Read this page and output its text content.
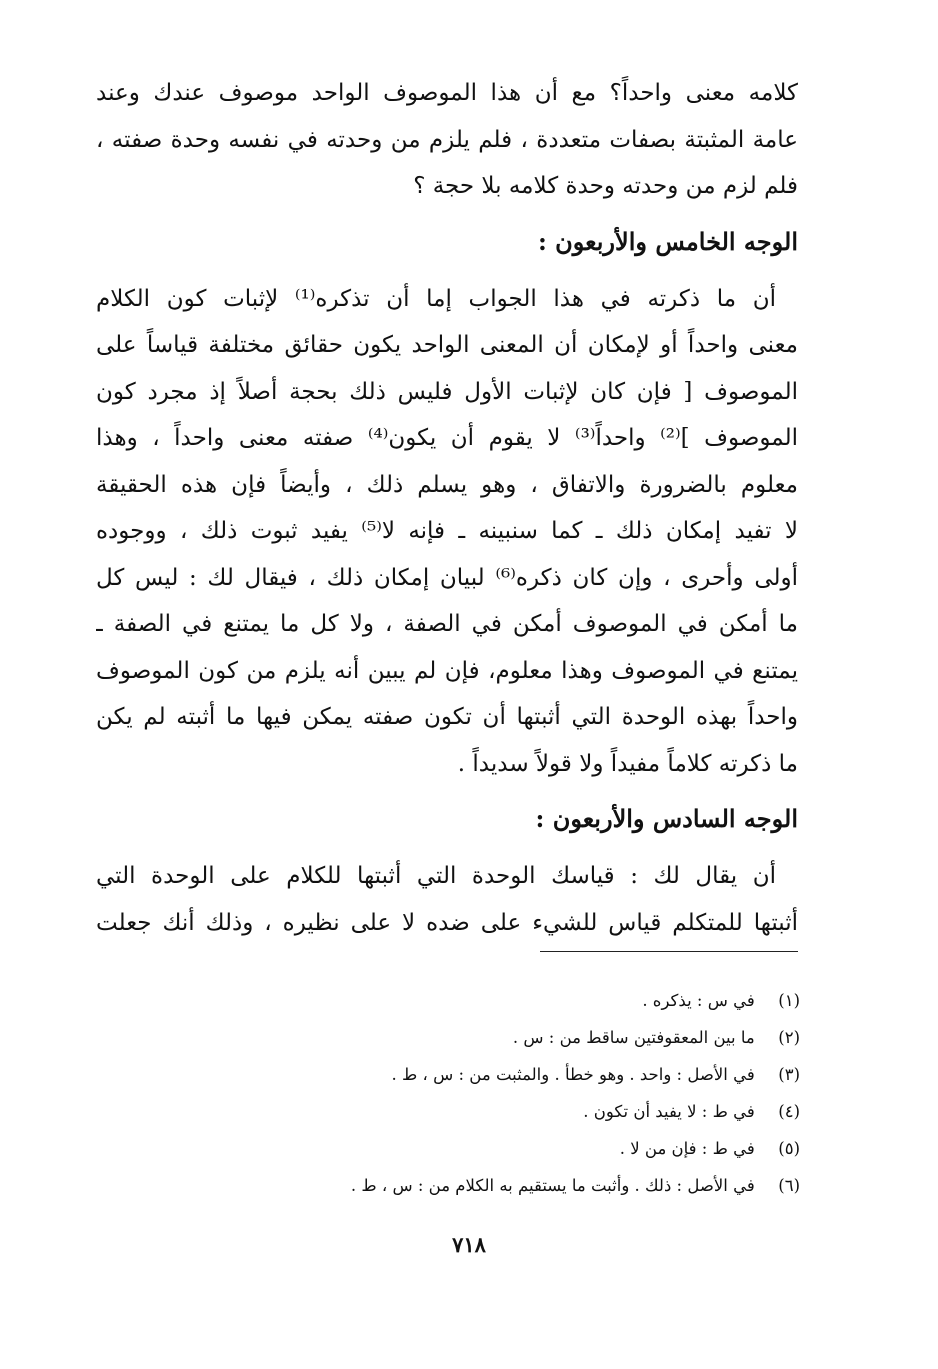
كلامه معنى واحداً؟ مع أن هذا الموصوف الواحد موصوف عندك وعند
عامة المثبتة بصفات متعددة ، فلم يلزم من وحدته في نفسه وحدة صفته ،
فلم لزم من وحدته وحدة كلامه بلا حجة ؟
الوجه الخامس والأربعون :
أن ما ذكرته في هذا الجواب إما أن تذكره⁽¹⁾ لإثبات كون الكلام
معنى واحداً أو لإمكان أن المعنى الواحد يكون حقائق مختلفة قياساً على
الموصوف [ فإن كان لإثبات الأول فليس ذلك بحجة أصلاً إذ مجرد كون
الموصوف ]⁽²⁾ واحداً⁽³⁾ لا يقوم أن يكون⁽⁴⁾ صفته معنى واحداً ، وهذا
معلوم بالضرورة والاتفاق ، وهو يسلم ذلك ، وأيضاً فإن هذه الحقيقة
لا تفيد إمكان ذلك ـ كما سنبينه ـ فإنه لا⁽⁵⁾ يفيد ثبوت ذلك ، ووجوده
أولى وأحرى ، وإن كان ذكره⁽⁶⁾ لبيان إمكان ذلك ، فيقال لك : ليس كل
ما أمكن في الموصوف أمكن في الصفة ، ولا كل ما يمتنع في الصفة ـ
يمتنع في الموصوف وهذا معلوم، فإن لم يبين أنه يلزم من كون الموصوف
واحداً بهذه الوحدة التي أثبتها أن تكون صفته يمكن فيها ما أثبته لم يكن
ما ذكرته كلاماً مفيداً ولا قولاً سديداً .
الوجه السادس والأربعون :
أن يقال لك : قياسك الوحدة التي أثبتها للكلام على الوحدة التي
أثبتها للمتكلم قياس للشيء على ضده لا على نظيره ، وذلك أنك جعلت
(١) في س : يذكره .
(٢) ما بين المعقوفتين ساقط من : س .
(٣) في الأصل : واحد . وهو خطأ . والمثبت من : س ، ط .
(٤) في ط : لا يفيد أن تكون .
(٥) في ط : فإن من لا .
(٦) في الأصل : ذلك . وأثبت ما يستقيم به الكلام من : س ، ط .
٧١٨
